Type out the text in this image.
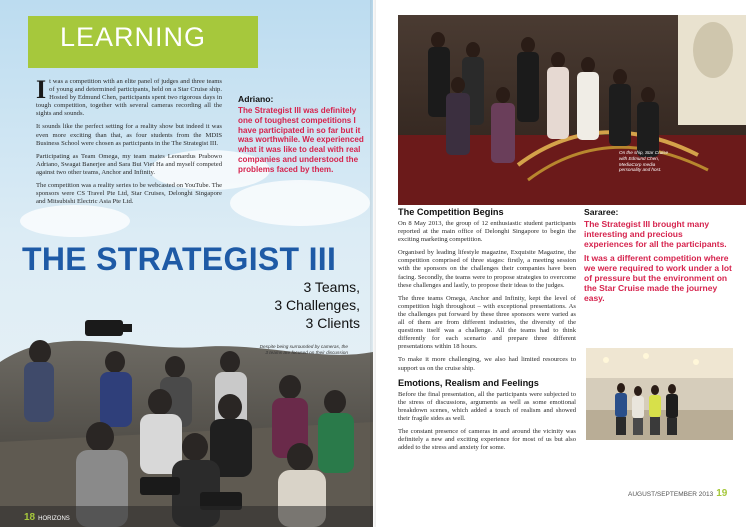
LEARNING

It was a competition with an elite panel of judges and three teams of young and determined participants, held on a Star Cruise ship. Hosted by Edmund Chen, participants spent two rigorous days in tough competition, together with several cameras recording all the sights and sounds.

It sounds like the perfect setting for a reality show but indeed it was even more exciting than that, as four students from the MDIS Business School were chosen as participants in the The Strategist III.

Participating as Team Omega, my team mates Leonardus Prabowo Adriano, Swagat Banerjee and Sara Bui Viet Ha and myself competed against two other teams, Anchor and Infinity.

The competition was a reality series to be webcasted on YouTube. The sponsors were CS Travel Pte Ltd, Star Cruises, Delonghi Singapore and Mitsubishi Electric Asia Pte Ltd.

Adriano:

The Strategist III was definitely one of toughest competitions I have participated in so far but it was worthwhile. We experienced what it was like to deal with real companies and understood the problems faced by them.

THE STRATEGIST III
3 Teams,
3 Challenges,
3 Clients
Despite being surrounded by cameras, the 3 teams are focused on their discussion
18 HORIZONS
On the ship, Star Cruise with Edmund Chen, MediaCorp media personality and host.

The Competition Begins

On 8 May 2013, the group of 12 enthusiastic student participants reported at the main office of Delonghi Singapore to begin the exciting marketing competition.

Organised by leading lifestyle magazine, Exquisite Magazine, the competition comprised of three stages: firstly, a meeting session with the sponsors on the challenges their companies have been facing. Secondly, the teams were to propose strategies to overcome these challenges and lastly, to propose their ideas to the judges.

The three teams Omega, Anchor and Infinity, kept the level of competition high throughout – with exceptional presentations. As the challenges put forward by these three sponsors were varied as all of them are from different industries, the diversity of the questions itself was a challenge. All the teams had to think differently for each scenario and prepare three different presentations within 18 hours.

To make it more challenging, we also had limited resources to support us on the cruise ship.

Emotions, Realism and Feelings

Before the final presentation, all the participants were subjected to the stress of discussions, arguments as well as some emotional breakdown scenes, which added a touch of realism and showed their fragile sides as well.

The constant presence of cameras in and around the vicinity was definitely a new and exciting experience for most of us but also added to the stress and anxiety for some.

Sararee:

The Strategist III brought many interesting and precious experiences for all the participants.

It was a different competition where we were required to work under a lot of pressure but the environment on the Star Cruise made the journey easy.

AUGUST/SEPTEMBER 2013 19
